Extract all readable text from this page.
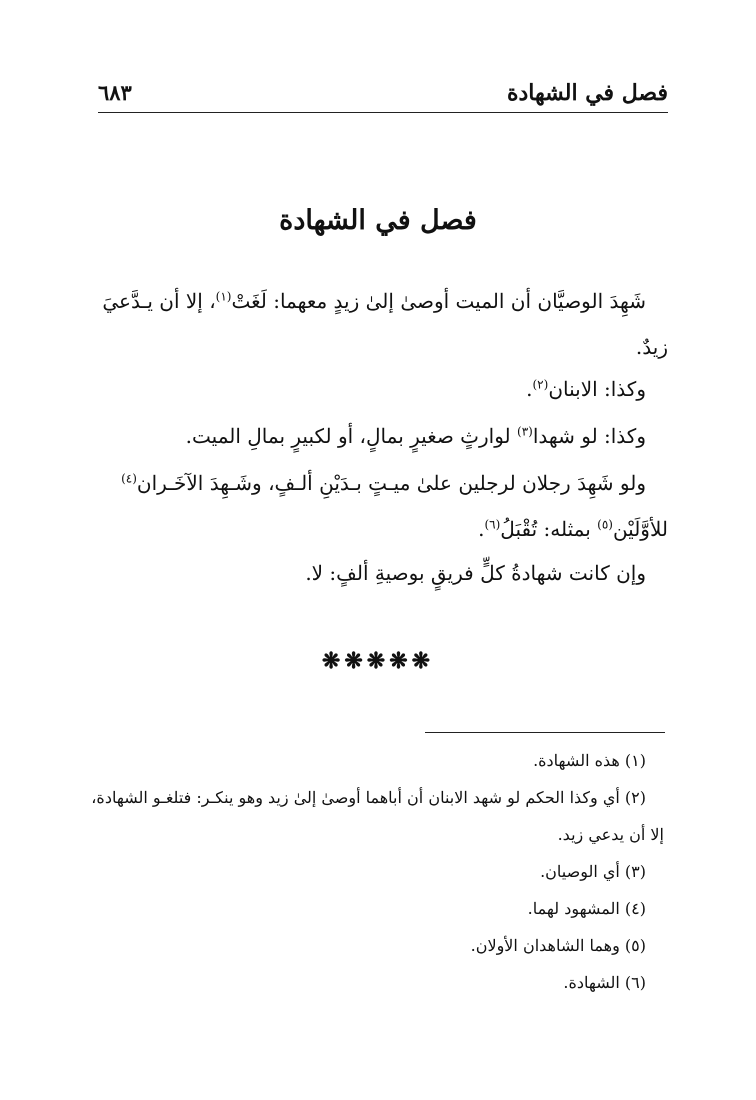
فصل في الشهادة
٦٨٣
فصل في الشهادة

شَهِدَ الوصيَّان أن الميت أوصىٰ إلىٰ زيدٍ معهما: لَغَتْ$^{(١)}$، إلا أن يـدَّعيَ زيدٌ.

وكذا: الابنان$^{(٢)}$.

وكذا: لو شهدا$^{(٣)}$ لوارثٍ صغيرٍ بمالٍ، أو لكبيرٍ بمالِ الميت.

ولو شَهِدَ رجلان لرجلين علىٰ ميـتٍ بـدَيْنِ ألـفٍ، وشَـهِدَ الآخَـران$^{(٤)}$ للأوَّلَيْن$^{(٥)}$ بمثله: تُقْبَلُ$^{(٦)}$.

وإن كانت شهادةُ كلٍّ فريقٍ بوصيةِ ألفٍ: لا.

❋❋❋❋❋

(١) هذه الشهادة.

(٢) أي وكذا الحكم لو شهد الابنان أن أباهما أوصىٰ إلىٰ زيد وهو ينكـر: فتلغـو الشهادة، إلا أن يدعي زيد.

(٣) أي الوصيان.

(٤) المشهود لهما.

(٥) وهما الشاهدان الأولان.

(٦) الشهادة.
